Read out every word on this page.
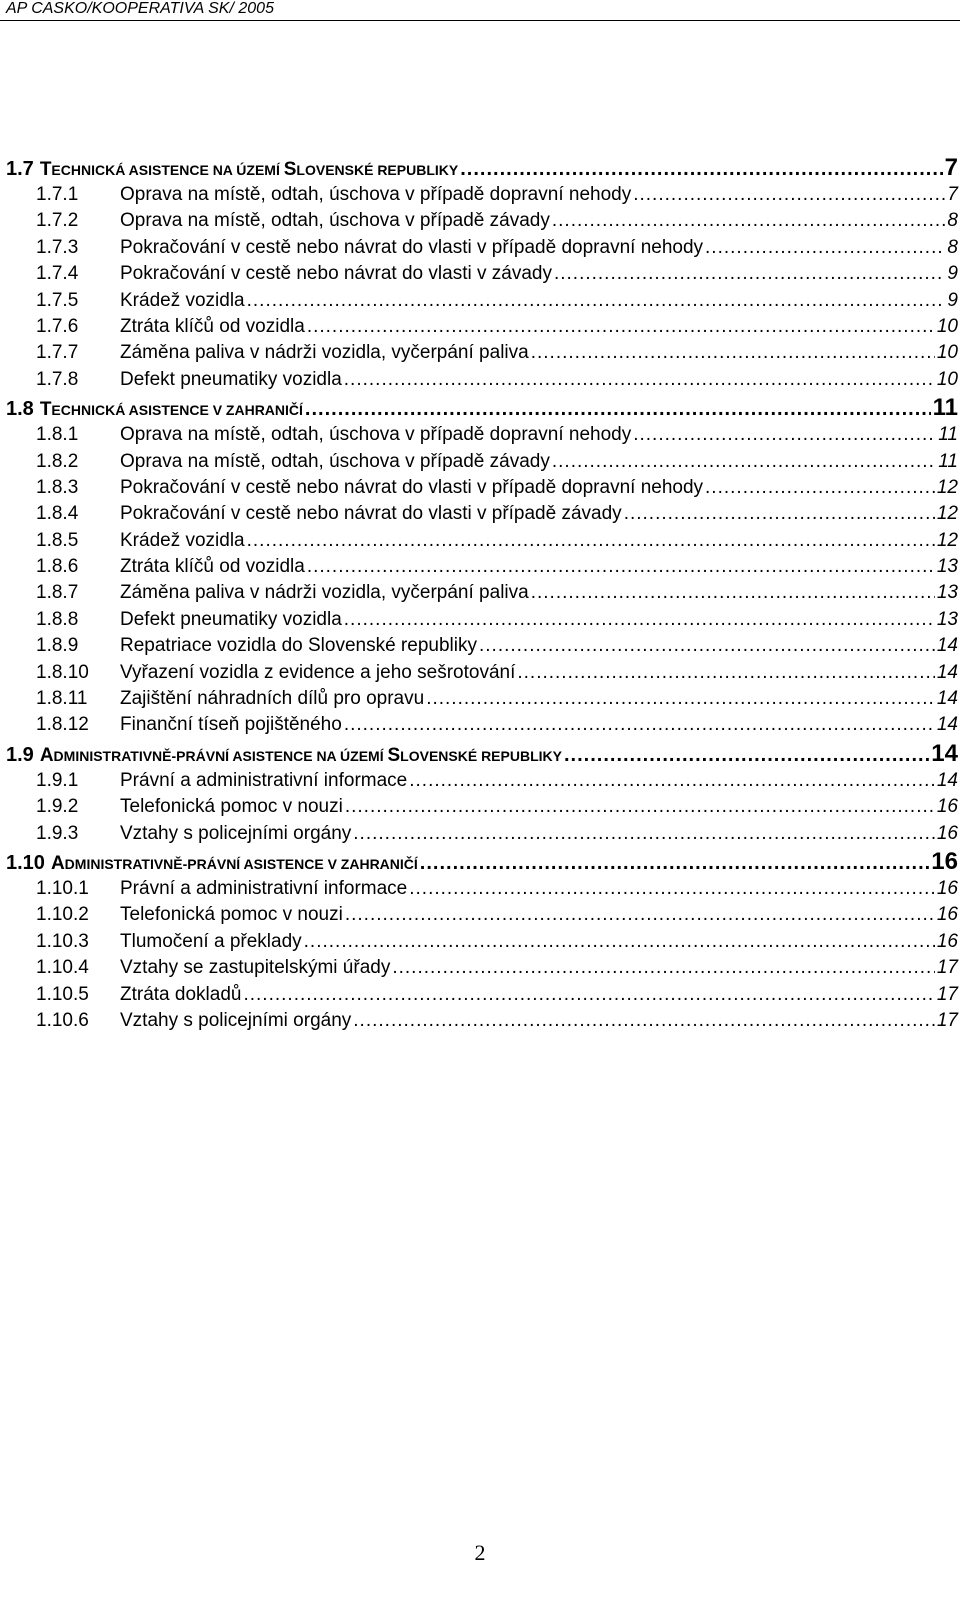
AP CASKO/KOOPERATIVA SK/ 2005
1.7 TECHNICKÁ ASISTENCE NA ÚZEMÍ SLOVENSKÉ REPUBLIKY .....	7
1.7.1	Oprava na místě, odtah, úschova v případě dopravní nehody .....	7
1.7.2	Oprava na místě, odtah, úschova v případě závady .....	8
1.7.3	Pokračování v cestě nebo návrat do vlasti v případě dopravní nehody .....	8
1.7.4	Pokračování v cestě nebo návrat do vlasti v závady .....	9
1.7.5	Krádež vozidla .....	9
1.7.6	Ztráta klíčů od vozidla .....	10
1.7.7	Záměna paliva v nádrži vozidla, vyčerpání paliva .....	10
1.7.8	Defekt pneumatiky vozidla .....	10
1.8 TECHNICKÁ ASISTENCE V ZAHRANIČÍ .....	11
1.8.1	Oprava na místě, odtah, úschova v případě dopravní nehody .....	11
1.8.2	Oprava na místě, odtah, úschova v případě závady .....	11
1.8.3	Pokračování v cestě nebo návrat do vlasti v případě dopravní nehody .....	12
1.8.4	Pokračování v cestě nebo návrat do vlasti v případě závady .....	12
1.8.5	Krádež vozidla .....	12
1.8.6	Ztráta klíčů od vozidla .....	13
1.8.7	Záměna paliva v nádrži vozidla, vyčerpání paliva .....	13
1.8.8	Defekt pneumatiky vozidla .....	13
1.8.9	Repatriace vozidla do Slovenské republiky .....	14
1.8.10	Vyřazení vozidla z evidence a jeho sešrotování .....	14
1.8.11	Zajištění náhradních dílů pro opravu .....	14
1.8.12	Finanční tíseň pojištěného .....	14
1.9 ADMINISTRATIVNĚ-PRÁVNÍ ASISTENCE NA ÚZEMÍ SLOVENSKÉ REPUBLIKY .....	14
1.9.1	Právní a administrativní informace .....	14
1.9.2	Telefonická pomoc v nouzi .....	16
1.9.3	Vztahy s policejními orgány .....	16
1.10 ADMINISTRATIVNĚ-PRÁVNÍ ASISTENCE V ZAHRANIČÍ .....	16
1.10.1	Právní a administrativní informace .....	16
1.10.2	Telefonická pomoc v nouzi .....	16
1.10.3	Tlumočení a překlady .....	16
1.10.4	Vztahy se zastupitelskými úřady .....	17
1.10.5	Ztráta dokladů .....	17
1.10.6	Vztahy s policejními orgány .....	17
2
